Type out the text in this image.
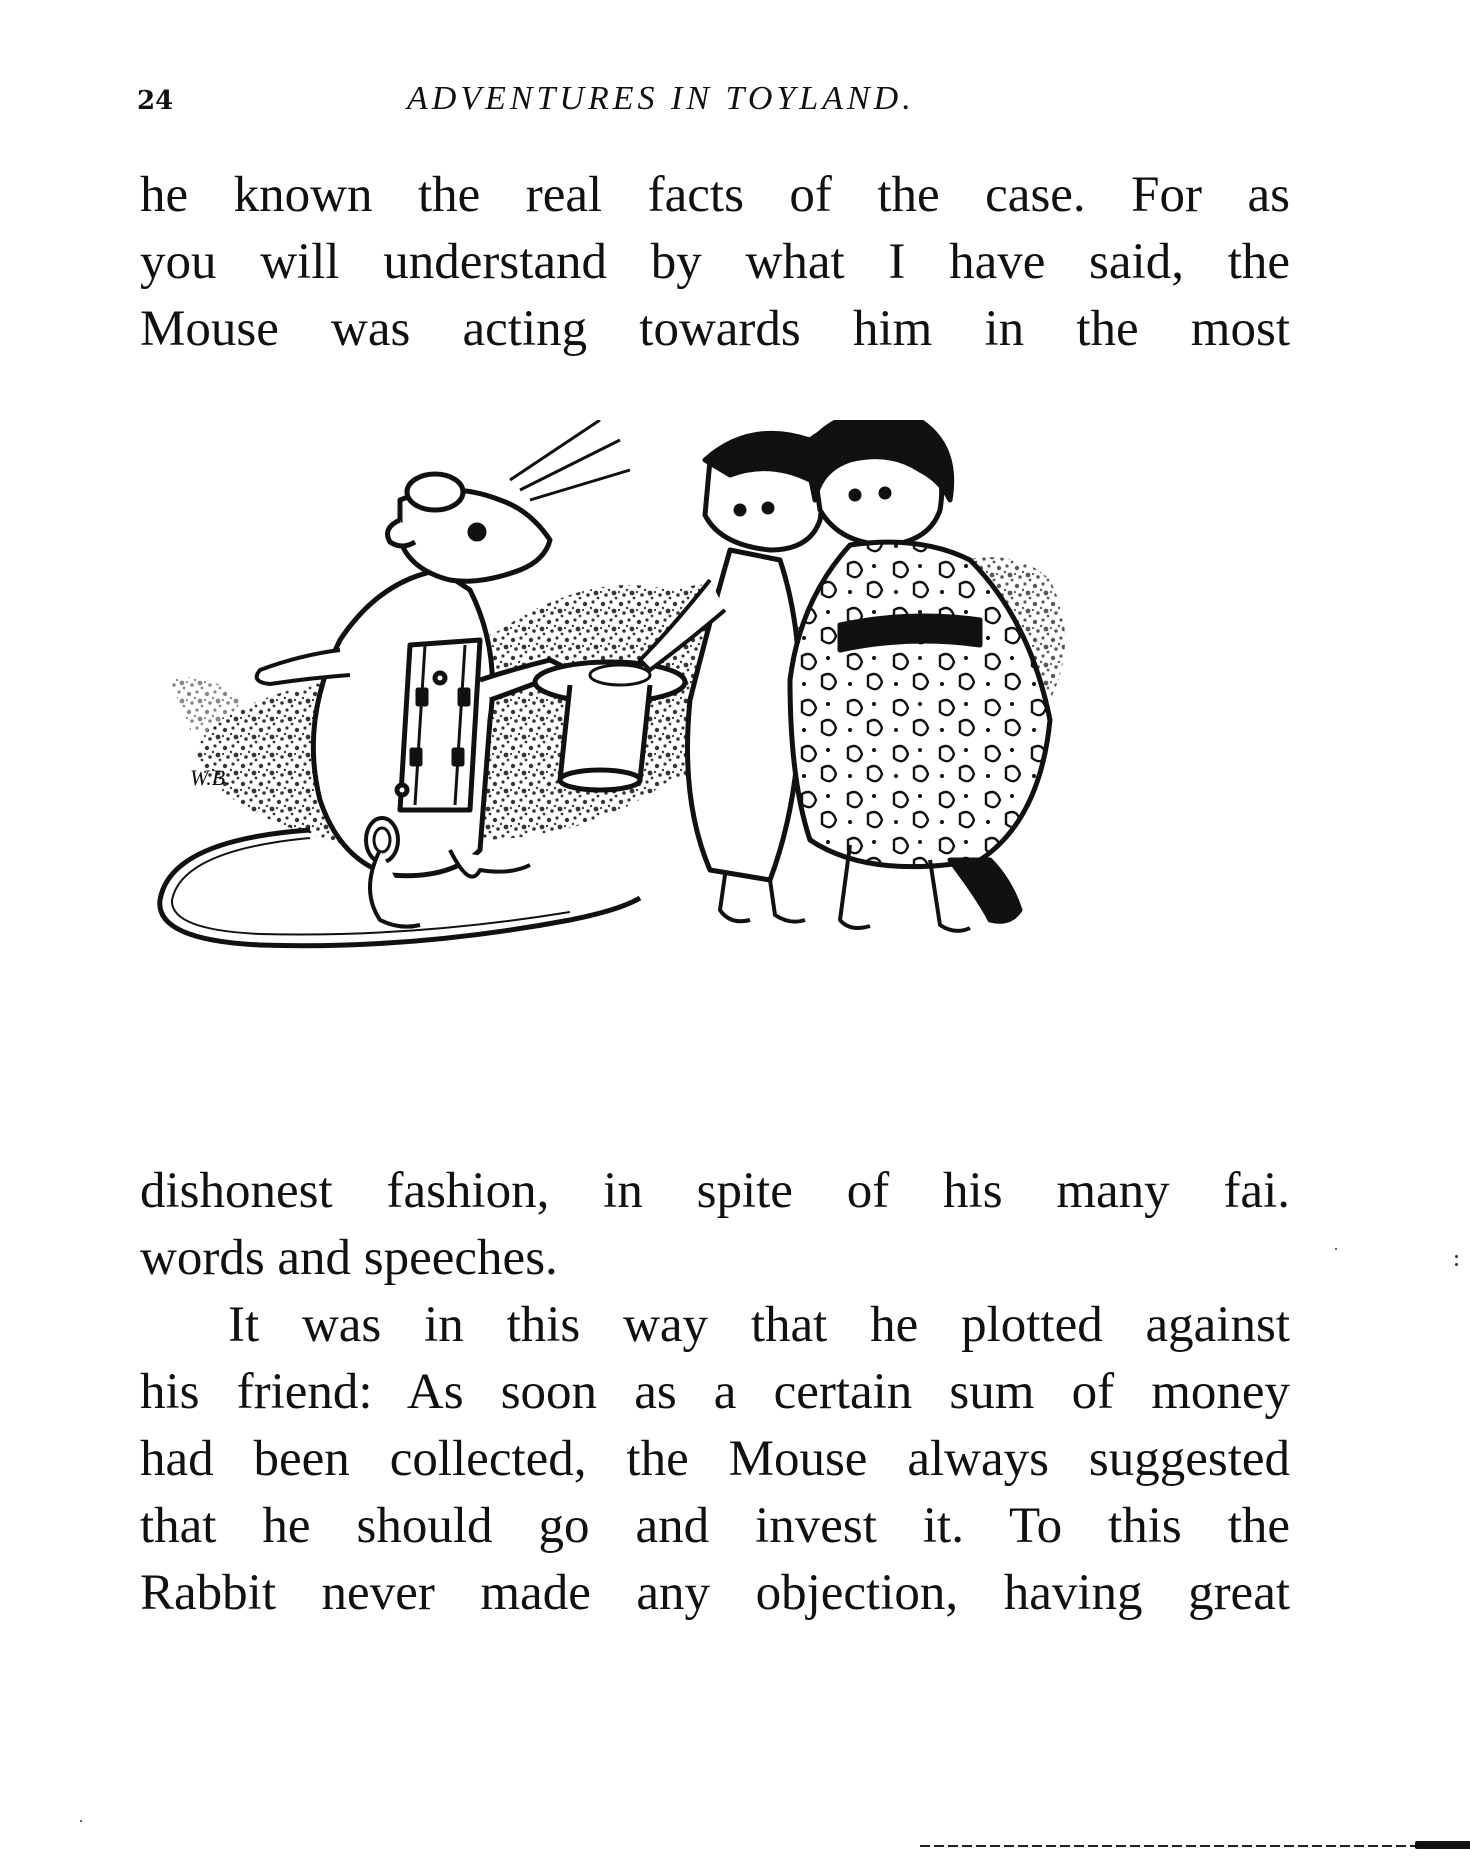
24	ADVENTURES IN TOYLAND.
he known the real facts of the case. For as
you will understand by what I have said, the
Mouse was acting towards him in the most
W.B.
dishonest fashion, in spite of his many fai.
words and speeches.
It was in this way that he plotted against
his friend: As soon as a certain sum of money
had been collected, the Mouse always suggested
that he should go and invest it. To this the
Rabbit never made any objection, having great
